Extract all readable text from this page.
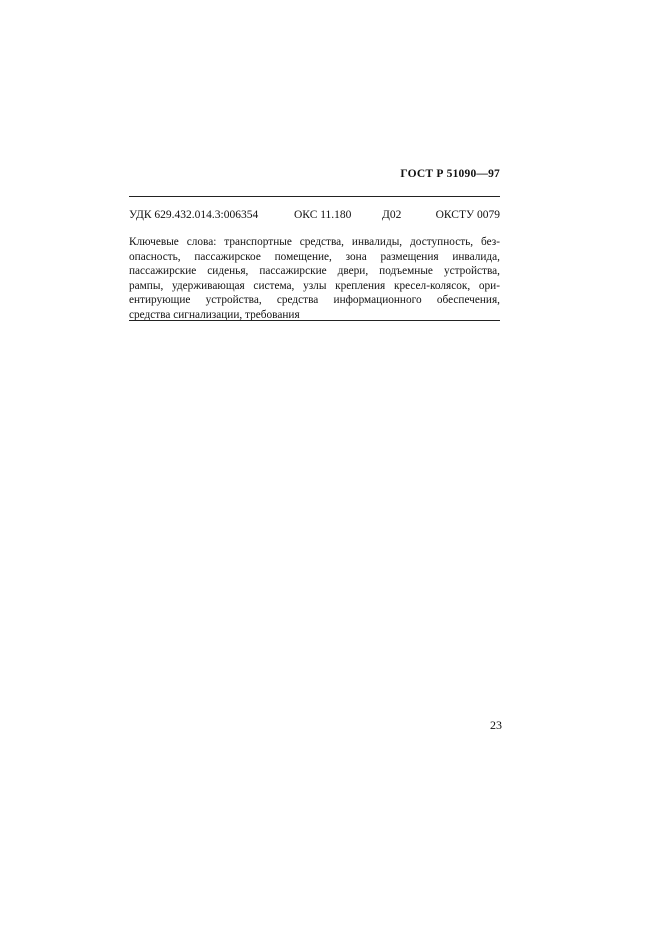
ГОСТ Р 51090—97
УДК 629.432.014.3:006354	ОКС 11.180	Д02	ОКСТУ 0079
Ключевые слова: транспортные средства, инвалиды, доступность, без-
опасность, пассажирское помещение, зона размещения инвалида,
пассажирские сиденья, пассажирские двери, подъемные устройства,
рампы, удерживающая система, узлы крепления кресел-колясок, ори-
ентирующие устройства, средства информационного обеспечения,
средства сигнализации, требования
23
